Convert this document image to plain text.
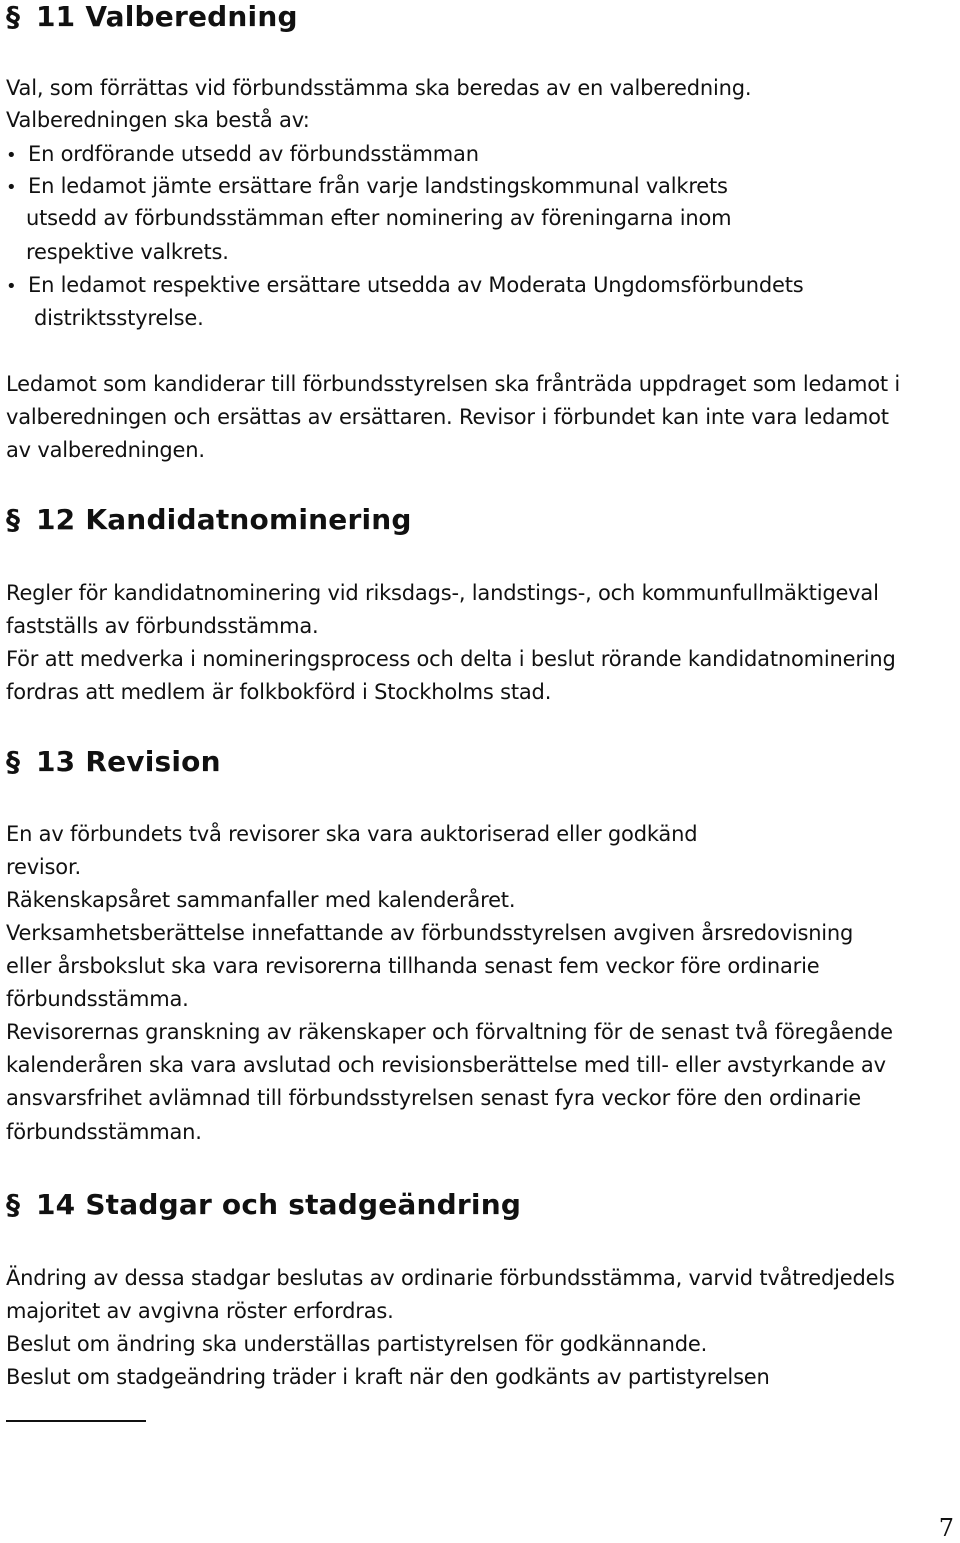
§ 11 Valberedning

Val, som förrättas vid förbundsstämma ska beredas av en valberedning.

Valberedningen ska bestå av:

• En ordförande utsedd av förbundsstämman

• En ledamot jämte ersättare från varje landstingskommunal valkrets

utsedd av förbundsstämman efter nominering av föreningarna inom

respektive valkrets.

• En ledamot respektive ersättare utsedda av Moderata Ungdomsförbundets

distriktsstyrelse.

Ledamot som kandiderar till förbundsstyrelsen ska frånträda uppdraget som ledamot i

valberedningen och ersättas av ersättaren. Revisor i förbundet kan inte vara ledamot

av valberedningen.

§ 12 Kandidatnominering

Regler för kandidatnominering vid riksdags-, landstings-, och kommunfullmäktigeval

fastställs av förbundsstämma.

För att medverka i nomineringsprocess och delta i beslut rörande kandidatnominering

fordras att medlem är folkbokförd i Stockholms stad.

§ 13 Revision

En av förbundets två revisorer ska vara auktoriserad eller godkänd

revisor.

Räkenskapsåret sammanfaller med kalenderåret.

Verksamhetsberättelse innefattande av förbundsstyrelsen avgiven årsredovisning

eller årsbokslut ska vara revisorerna tillhanda senast fem veckor före ordinarie

förbundsstämma.

Revisorernas granskning av räkenskaper och förvaltning för de senast två föregående

kalenderåren ska vara avslutad och revisionsberättelse med till- eller avstyrkande av

ansvarsfrihet avlämnad till förbundsstyrelsen senast fyra veckor före den ordinarie

förbundsstämman.

§ 14 Stadgar och stadgeändring

Ändring av dessa stadgar beslutas av ordinarie förbundsstämma, varvid tvåtredjedels

majoritet av avgivna röster erfordras.

Beslut om ändring ska underställas partistyrelsen för godkännande.

Beslut om stadgeändring träder i kraft när den godkänts av partistyrelsen

7
